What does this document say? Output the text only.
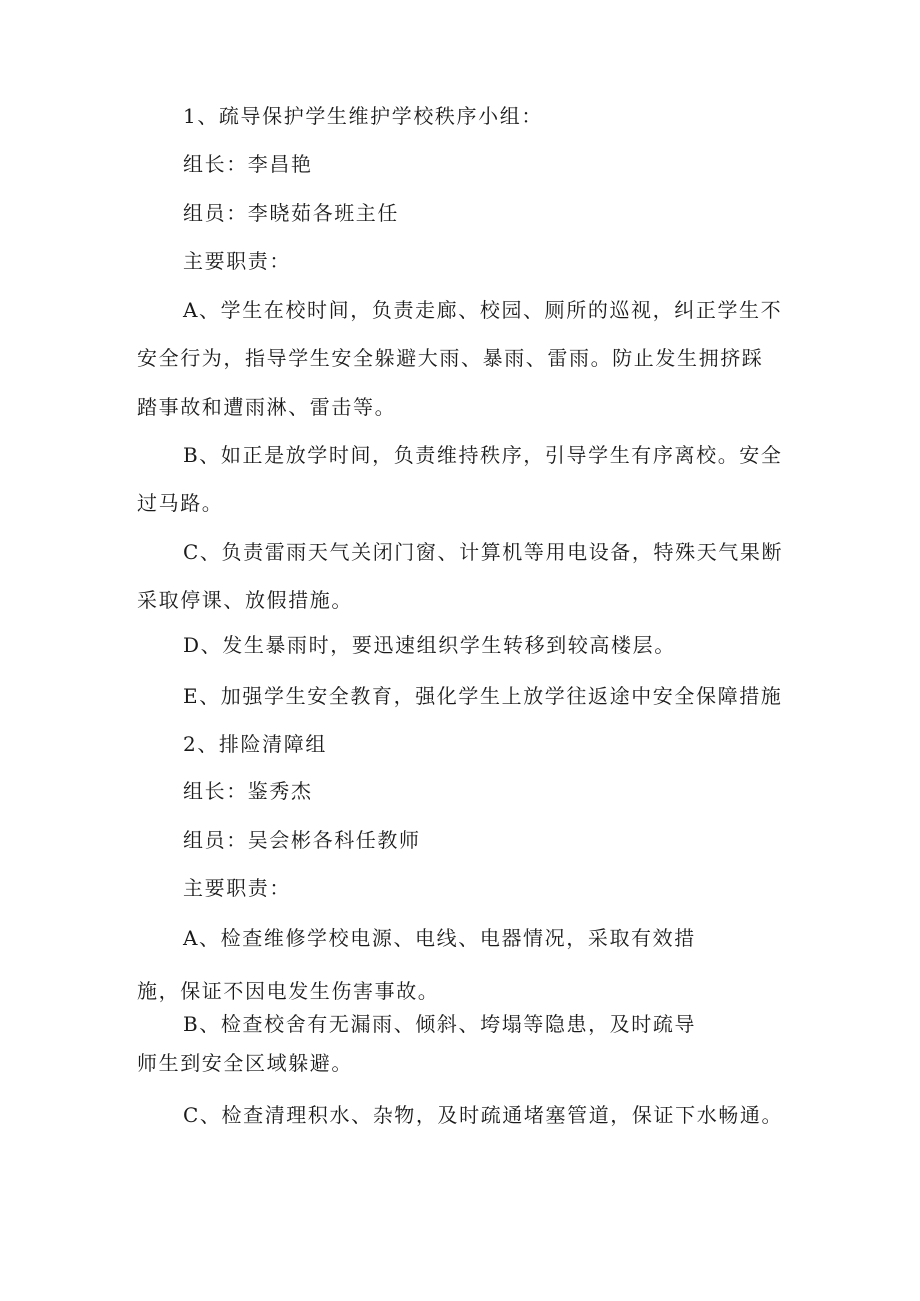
1、疏导保护学生维护学校秩序小组：
组长：李昌艳
组员：李晓茹各班主任
主要职责：
A、学生在校时间，负责走廊、校园、厕所的巡视，纠正学生不
安全行为，指导学生安全躲避大雨、暴雨、雷雨。防止发生拥挤踩
踏事故和遭雨淋、雷击等。
B、如正是放学时间，负责维持秩序，引导学生有序离校。安全
过马路。
C、负责雷雨天气关闭门窗、计算机等用电设备，特殊天气果断
采取停课、放假措施。
D、发生暴雨时，要迅速组织学生转移到较高楼层。
E、加强学生安全教育，强化学生上放学往返途中安全保障措施
2、排险清障组
组长：鉴秀杰
组员：吴会彬各科任教师
主要职责：
A、检查维修学校电源、电线、电器情况，采取有效措
施，保证不因电发生伤害事故。
B、检查校舍有无漏雨、倾斜、垮塌等隐患，及时疏导
师生到安全区域躲避。
C、检查清理积水、杂物，及时疏通堵塞管道，保证下水畅通。
